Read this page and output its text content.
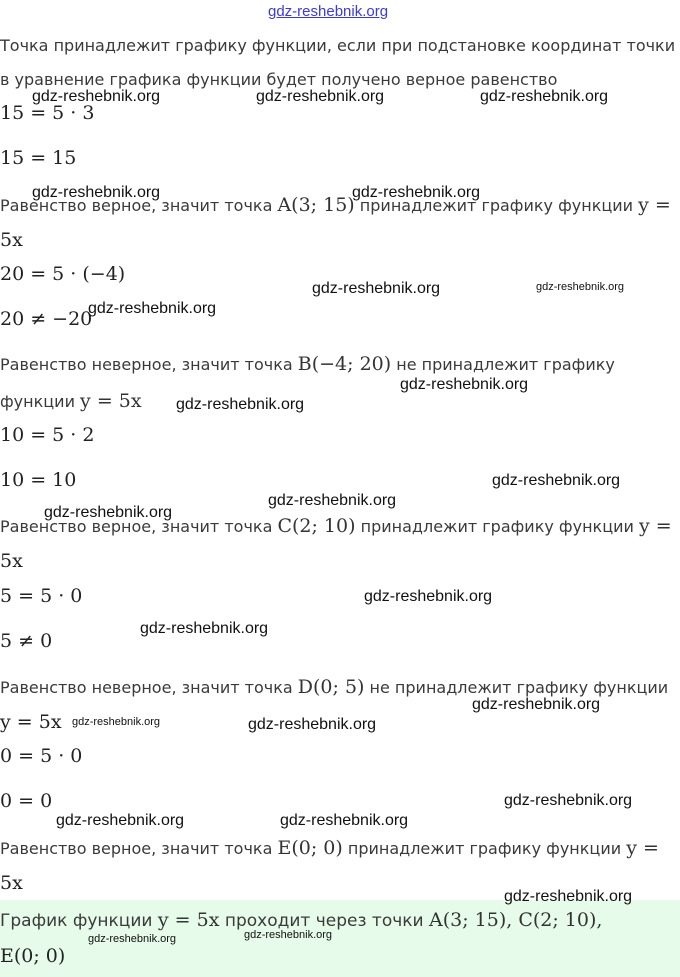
gdz-reshebnik.org
Точка принадлежит графику функции, если при подстановке координат точки
в уравнение графика функции будет получено верное равенство
15 = 5 · 3
15 = 15
Равенство верное, значит точка A(3; 15) принадлежит графику функции y =
5x
20 = 5 · (−4)
20 ≠ −20
Равенство неверное, значит точка B(−4; 20) не принадлежит графику
функции y = 5x
10 = 5 · 2
10 = 10
Равенство верное, значит точка C(2; 10) принадлежит графику функции y =
5x
5 = 5 · 0
5 ≠ 0
Равенство неверное, значит точка D(0; 5) не принадлежит графику функции
y = 5x
0 = 5 · 0
0 = 0
Равенство верное, значит точка E(0; 0) принадлежит графику функции y =
5x
График функции y = 5x проходит через точки A(3; 15), C(2; 10),
E(0; 0)
gdz-reshebnik.org	gdz-reshebnik.org	gdz-reshebnik.org
gdz-reshebnik.org	gdz-reshebnik.org
gdz-reshebnik.org	gdz-reshebnik.org
gdz-reshebnik.org
gdz-reshebnik.org
gdz-reshebnik.org
gdz-reshebnik.org
gdz-reshebnik.org
gdz-reshebnik.org
gdz-reshebnik.org
gdz-reshebnik.org
gdz-reshebnik.org
gdz-reshebnik.org	gdz-reshebnik.org
gdz-reshebnik.org
gdz-reshebnik.org	gdz-reshebnik.org
gdz-reshebnik.org
gdz-reshebnik.org	gdz-reshebnik.org
